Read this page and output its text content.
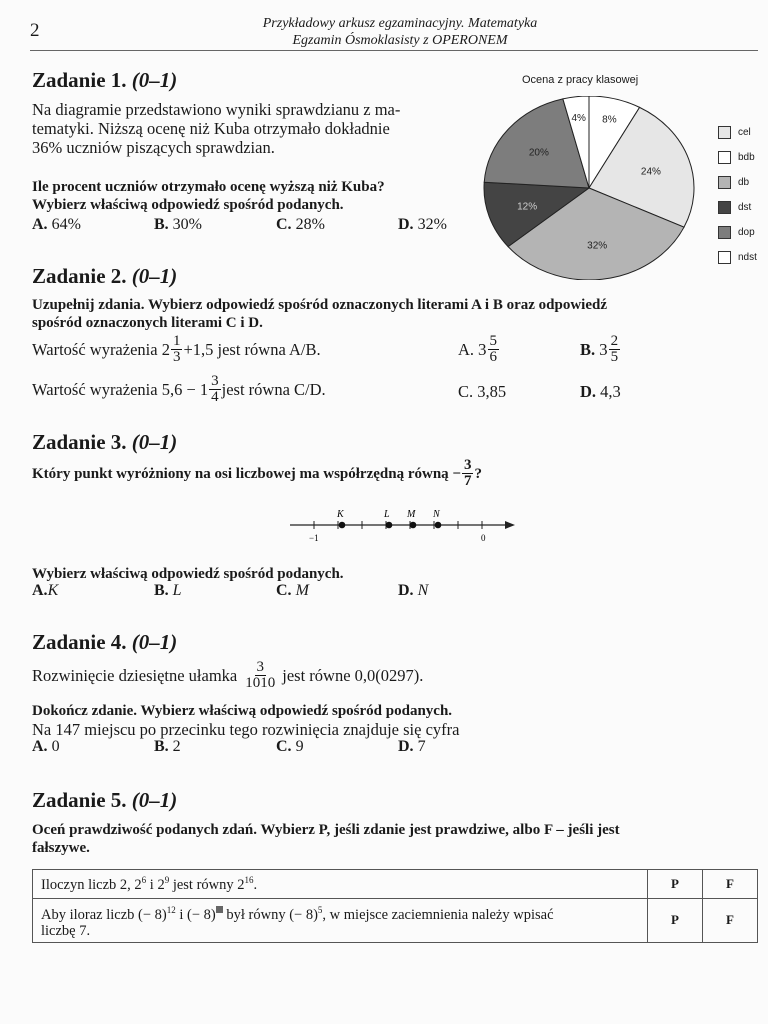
2	Przykładowy arkusz egzaminacyjny. Matematyka
Egzamin Ósmoklasisty z OPERONEM
Zadanie 1. (0–1)
Na diagramie przedstawiono wyniki sprawdzianu z ma-
tematyki. Niższą ocenę niż Kuba otrzymało dokładnie
36% uczniów piszących sprawdzian.
Ile procent uczniów otrzymało ocenę wyższą niż Kuba?
Wybierz właściwą odpowiedź spośród podanych.
A. 64%	B. 30%	C. 28%	D. 32%
Ocena z pracy klasowej
8%
24%
32%
12%
20%
4%
cel
bdb
db
dst
dop
ndst
Zadanie 2. (0–1)
Uzupełnij zdania. Wybierz odpowiedź spośród oznaczonych literami A i B oraz odpowiedź
spośród oznaczonych literami C i D.
Wartość wyrażenia $2 \frac{1}{3} +1,5$ jest równa A/B.	A. $3 \frac{5}{6}$	B. $3 \frac{2}{5}$
Wartość wyrażenia $5,6 - 1 \frac{3}{4}$ jest równa C/D.	C. 3,85	D. 4,3
Zadanie 3. (0–1)
Który punkt wyróżniony na osi liczbowej ma współrzędną równą − $\frac{3}{7}$ ?
K	L M N
−1	0
Wybierz właściwą odpowiedź spośród podanych.
A.K	B. L	C. M	D. N
Zadanie 4. (0–1)
Rozwinięcie dziesiętne ułamka $\frac{3}{1010}$ jest równe 0,0(0297).
Dokończ zdanie. Wybierz właściwą odpowiedź spośród podanych.
Na 147 miejscu po przecinku tego rozwinięcia znajduje się cyfra
A. 0	B. 2	C. 9	D. 7
Zadanie 5. (0–1)
Oceń prawdziwość podanych zdań. Wybierz P, jeśli zdanie jest prawdziwe, albo F – jeśli jest
fałszywe.
Iloczyn liczb 2, $2^6$ i $2^9$ jest równy $2^{16}$.	P	F
Aby iloraz liczb (− 8)$^{12}$ i (− 8) był równy (− 8)$^5$, w miejsce zaciemnienia należy wpisać
liczbę 7.	P	F
